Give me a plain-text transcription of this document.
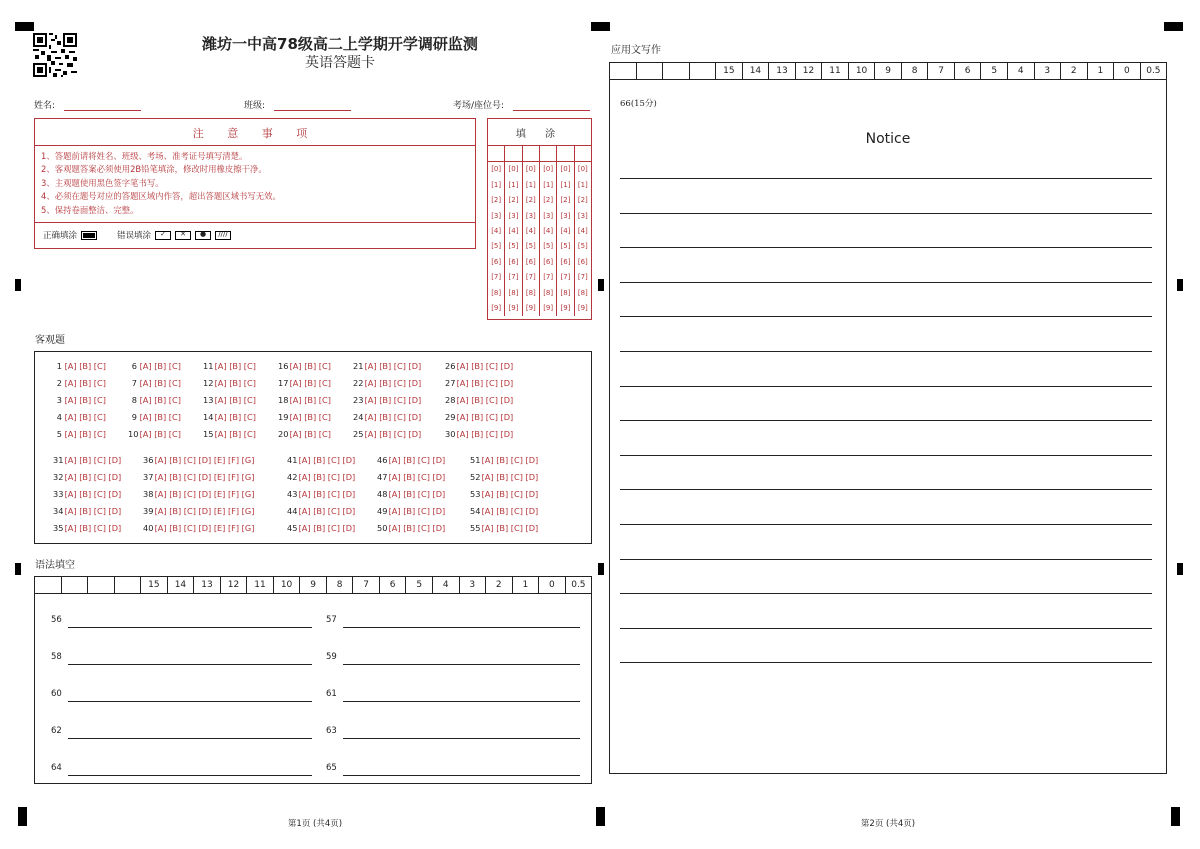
潍坊一中高78级高二上学期开学调研监测
英语答题卡
姓名:	班级:	考场/座位号:
注 意 事 项
1、答题前请将姓名、班级、考场、准考证号填写清楚。
2、客观题答案必须使用2B铅笔填涂，修改时用橡皮擦干净。
3、主观题使用黑色签字笔书写。
4、必须在题号对应的答题区域内作答，超出答题区域书写无效。
5、保持卷面整洁、完整。
正确填涂	错误填涂	✓	✕	●	////
填 涂
[0]	[0]	[0]	[0]	[0]	[0]
[1]	[1]	[1]	[1]	[1]	[1]
[2]	[2]	[2]	[2]	[2]	[2]
[3]	[3]	[3]	[3]	[3]	[3]
[4]	[4]	[4]	[4]	[4]	[4]
[5]	[5]	[5]	[5]	[5]	[5]
[6]	[6]	[6]	[6]	[6]	[6]
[7]	[7]	[7]	[7]	[7]	[7]
[8]	[8]	[8]	[8]	[8]	[8]
[9]	[9]	[9]	[9]	[9]	[9]
客观题
1 [A] [B] [C]
2 [A] [B] [C]
3 [A] [B] [C]
4 [A] [B] [C]
5 [A] [B] [C]
6 [A] [B] [C]
7 [A] [B] [C]
8 [A] [B] [C]
9 [A] [B] [C]
10 [A] [B] [C]
11 [A] [B] [C]
12 [A] [B] [C]
13 [A] [B] [C]
14 [A] [B] [C]
15 [A] [B] [C]
16 [A] [B] [C]
17 [A] [B] [C]
18 [A] [B] [C]
19 [A] [B] [C]
20 [A] [B] [C]
21 [A] [B] [C] [D]
22 [A] [B] [C] [D]
23 [A] [B] [C] [D]
24 [A] [B] [C] [D]
25 [A] [B] [C] [D]
26 [A] [B] [C] [D]
27 [A] [B] [C] [D]
28 [A] [B] [C] [D]
29 [A] [B] [C] [D]
30 [A] [B] [C] [D]
31 [A] [B] [C] [D]
32 [A] [B] [C] [D]
33 [A] [B] [C] [D]
34 [A] [B] [C] [D]
35 [A] [B] [C] [D]
36 [A] [B] [C] [D] [E] [F] [G]
37 [A] [B] [C] [D] [E] [F] [G]
38 [A] [B] [C] [D] [E] [F] [G]
39 [A] [B] [C] [D] [E] [F] [G]
40 [A] [B] [C] [D] [E] [F] [G]
41 [A] [B] [C] [D]
42 [A] [B] [C] [D]
43 [A] [B] [C] [D]
44 [A] [B] [C] [D]
45 [A] [B] [C] [D]
46 [A] [B] [C] [D]
47 [A] [B] [C] [D]
48 [A] [B] [C] [D]
49 [A] [B] [C] [D]
50 [A] [B] [C] [D]
51 [A] [B] [C] [D]
52 [A] [B] [C] [D]
53 [A] [B] [C] [D]
54 [A] [B] [C] [D]
55 [A] [B] [C] [D]
语法填空
15	14	13	12	11	10	9	8	7	6	5	4	3	2	1	0	0.5
56	57
58	59
60	61
62	63
64	65
应用文写作
66(15分)
Notice
15	14	13	12	11	10	9	8	7	6	5	4	3	2	1	0	0.5
第1页 (共4页)	第2页 (共4页)
